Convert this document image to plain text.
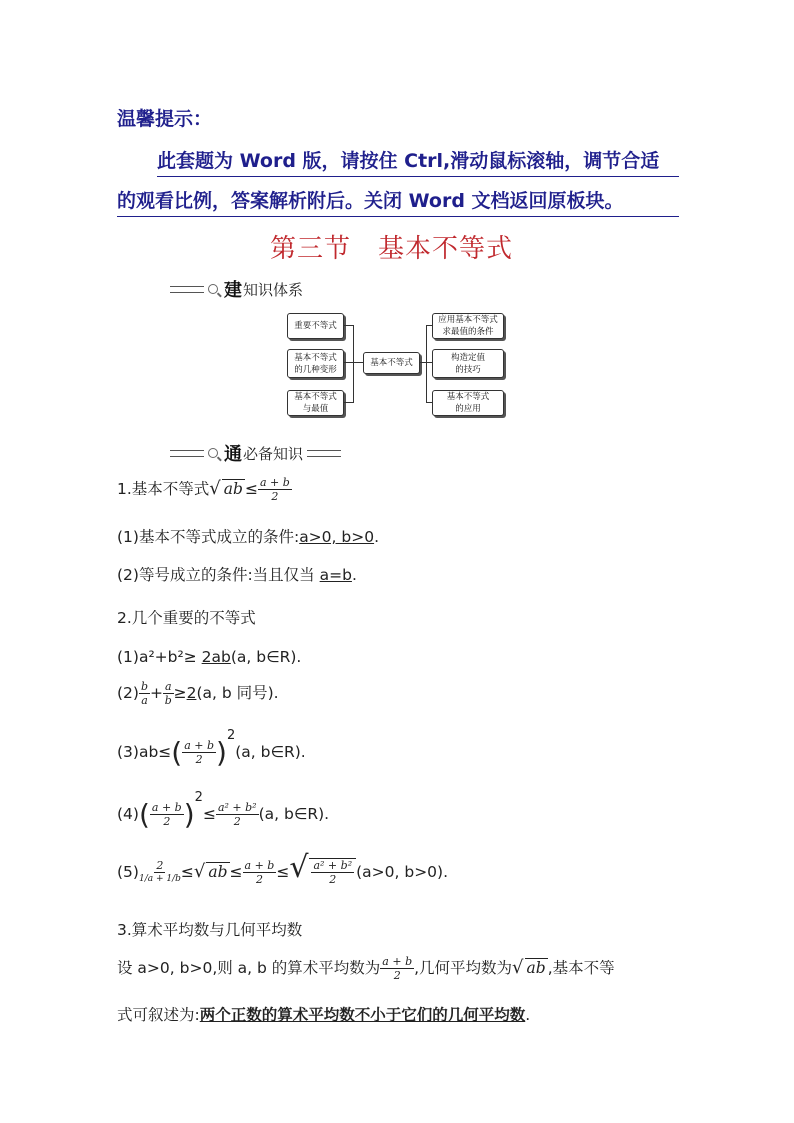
温馨提示：
此套题为 Word 版，请按住 Ctrl,滑动鼠标滚轴，调节合适
的观看比例，答案解析附后。关闭 Word 文档返回原板块。
第三节　基本不等式
建 知识体系
重要不等式
基本不等式
的几种变形
基本不等式
与最值
基本不等式
应用基本不等式
求最值的条件
构造定值
的技巧
基本不等式
的应用
通 必备知识
1.基本不等式√ ab ≤ $\frac{a + b}{2}$
(1)基本不等式成立的条件:a>0, b>0.
(2)等号成立的条件:当且仅当 a=b.
2.几个重要的不等式
(1)a²+b²≥ 2ab(a, b∈R).
$(2) \frac{b}{a} + \frac{a}{b} \ge 2(a$, b 同号).
$(3)ab\le( \frac{a + b}{2} )^2(a$, b∈R).
$(4)( \frac{a + b}{2} )^2\le \frac{\text{a² + b²}}{2} (a$, b∈R).
$(5) \frac{2}{1/a + 1/b}$ ≤√ ab ≤ $\frac{a + b}{2}$ ≤√ $\frac{\text{a² + b²}}{2} (a>0$, b>0).
3.算术平均数与几何平均数
设 a>0, b>0,则 a, b 的算术平均数为 $\frac{a + b}{2}$ ,几何平均数为√ ab ,基本不等
式可叙述为:两个正数的算术平均数不小于它们的几何平均数.
